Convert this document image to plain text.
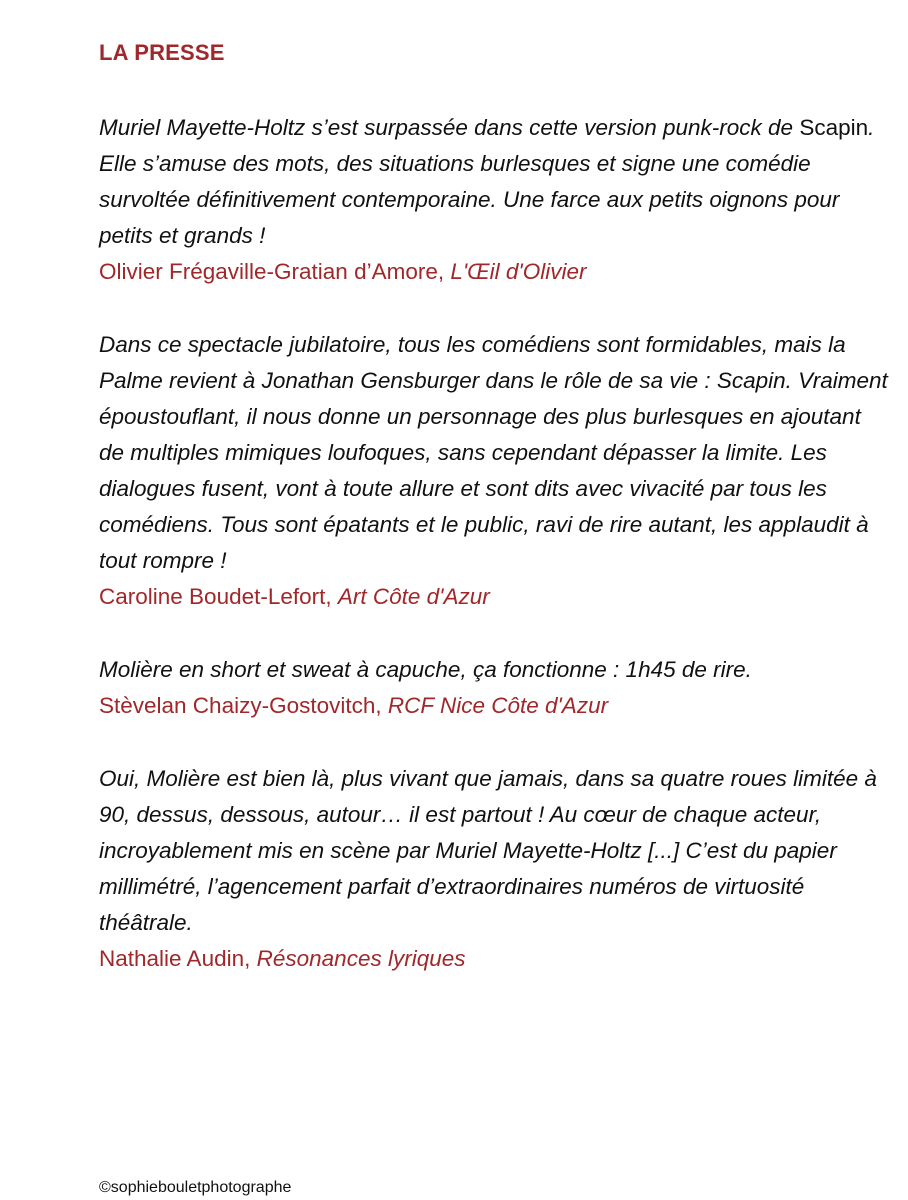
LA PRESSE

Muriel Mayette-Holtz s’est surpassée dans cette version punk-rock de Scapin. Elle s’amuse des mots, des situations burlesques et signe une comédie survoltée définitivement contemporaine. Une farce aux petits oignons pour petits et grands !

Olivier Frégaville-Gratian d’Amore, L'Œil d'Olivier

Dans ce spectacle jubilatoire, tous les comédiens sont formidables, mais la Palme revient à Jonathan Gensburger dans le rôle de sa vie : Scapin. Vraiment époustouflant, il nous donne un personnage des plus burlesques en ajoutant de multiples mimiques loufoques, sans cependant dépasser la limite. Les dialogues fusent, vont à toute allure et sont dits avec vivacité par tous les comédiens. Tous sont épatants et le public, ravi de rire autant, les applaudit à tout rompre !

Caroline Boudet-Lefort, Art Côte d'Azur

Molière en short et sweat à capuche, ça fonctionne : 1h45 de rire.

Stèvelan Chaizy-Gostovitch, RCF Nice Côte d'Azur

Oui, Molière est bien là, plus vivant que jamais, dans sa quatre roues limitée à 90, dessus, dessous, autour… il est partout ! Au cœur de chaque acteur, incroyablement mis en scène par Muriel Mayette-Holtz [...] C’est du papier millimétré, l’agencement parfait d’extraordinaires numéros de virtuosité théâtrale.

Nathalie Audin, Résonances lyriques

©sophiebouletphotographe
